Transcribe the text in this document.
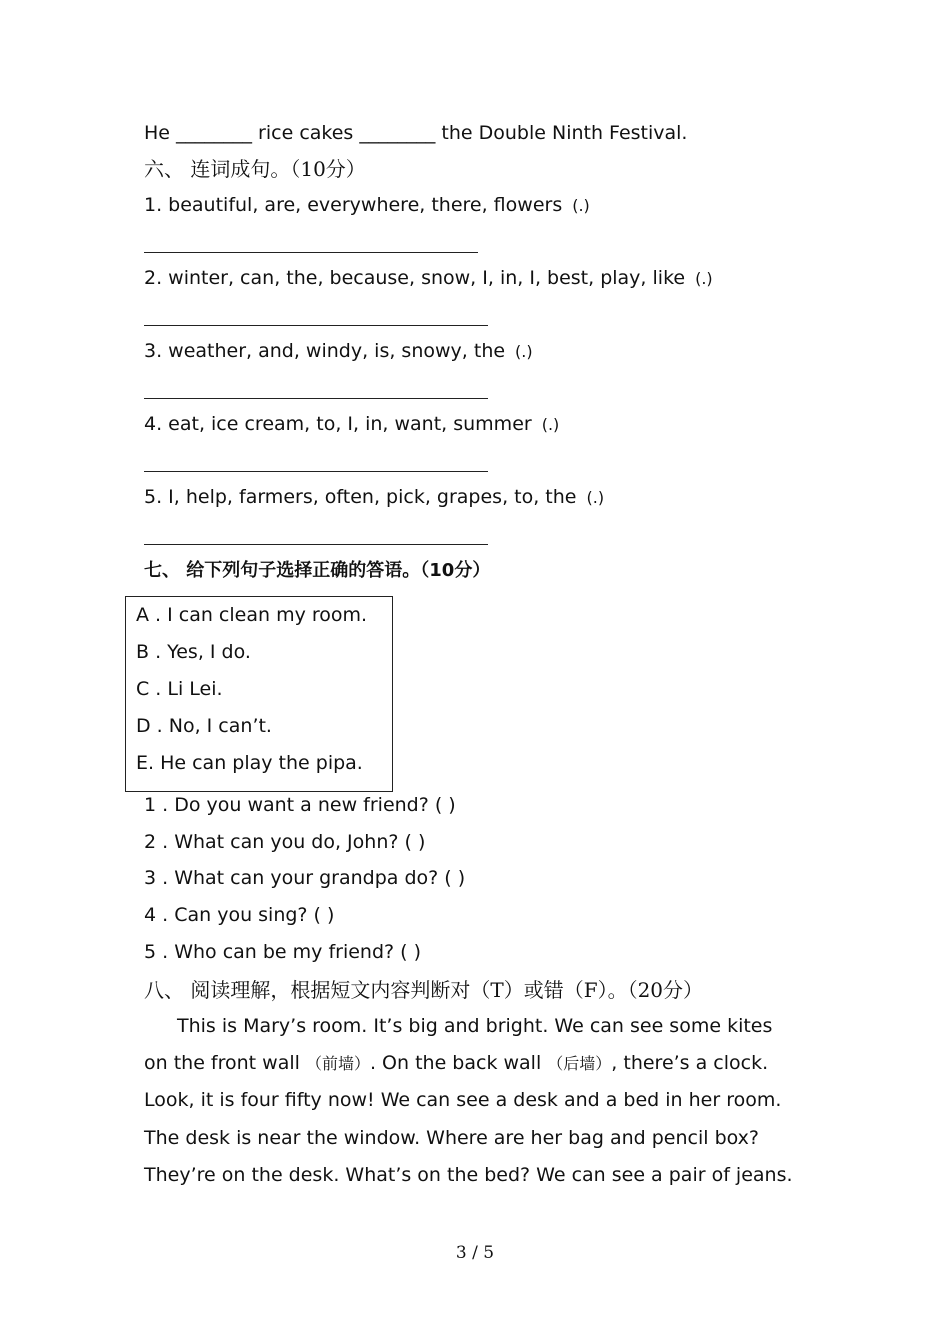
He ________ rice cakes ________ the Double Ninth Festival.
六、 连词成句。（10分）
1. beautiful, are, everywhere, there, flowers (.)
2. winter, can, the, because, snow, I, in, I, best, play, like (.)
3. weather, and, windy, is, snowy, the (.)
4. eat, ice cream, to, I, in, want, summer (.)
5. I, help, farmers, often, pick, grapes, to, the (.)
七、 给下列句子选择正确的答语。（10分）
A . I can clean my room.
B . Yes, I do.
C . Li Lei.
D . No, I can’t.
E. He can play the pipa.
1 . Do you want a new friend? ( )
2 . What can you do, John? ( )
3 . What can your grandpa do? ( )
4 . Can you sing? ( )
5 . Who can be my friend? ( )
八、 阅读理解，根据短文内容判断对（T）或错（F）。（20分）
This is Mary’s room. It’s big and bright. We can see some kites
on the front wall （前墙）. On the back wall （后墙）, there’s a clock.
Look, it is four fifty now! We can see a desk and a bed in her room.
The desk is near the window. Where are her bag and pencil box?
They’re on the desk. What’s on the bed? We can see a pair of jeans.
3 / 5
